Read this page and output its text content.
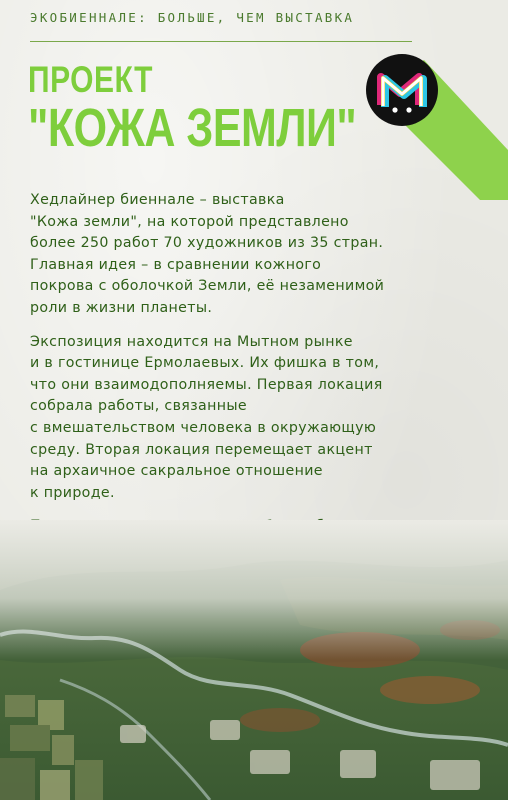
ЭКОБИЕННАЛЕ: БОЛЬШЕ, ЧЕМ ВЫСТАВКА
ПРОЕКТ
"КОЖА ЗЕМЛИ"

Хедлайнер биеннале – выставка
"Кожа земли", на которой представлено
более 250 работ 70 художников из 35 стран.
Главная идея – в сравнении кожного
покрова с оболочкой Земли, её незаменимой
роли в жизни планеты.

Экспозиция находится на Мытном рынке
и в гостинице Ермолаевых. Их фишка в том,
что они взаимодополняемы. Первая локация
собрала работы, связанные
с вмешательством человека в окружающую
среду. Вторая локация перемещает акцент
на архаичное сакральное отношение
к природе.
